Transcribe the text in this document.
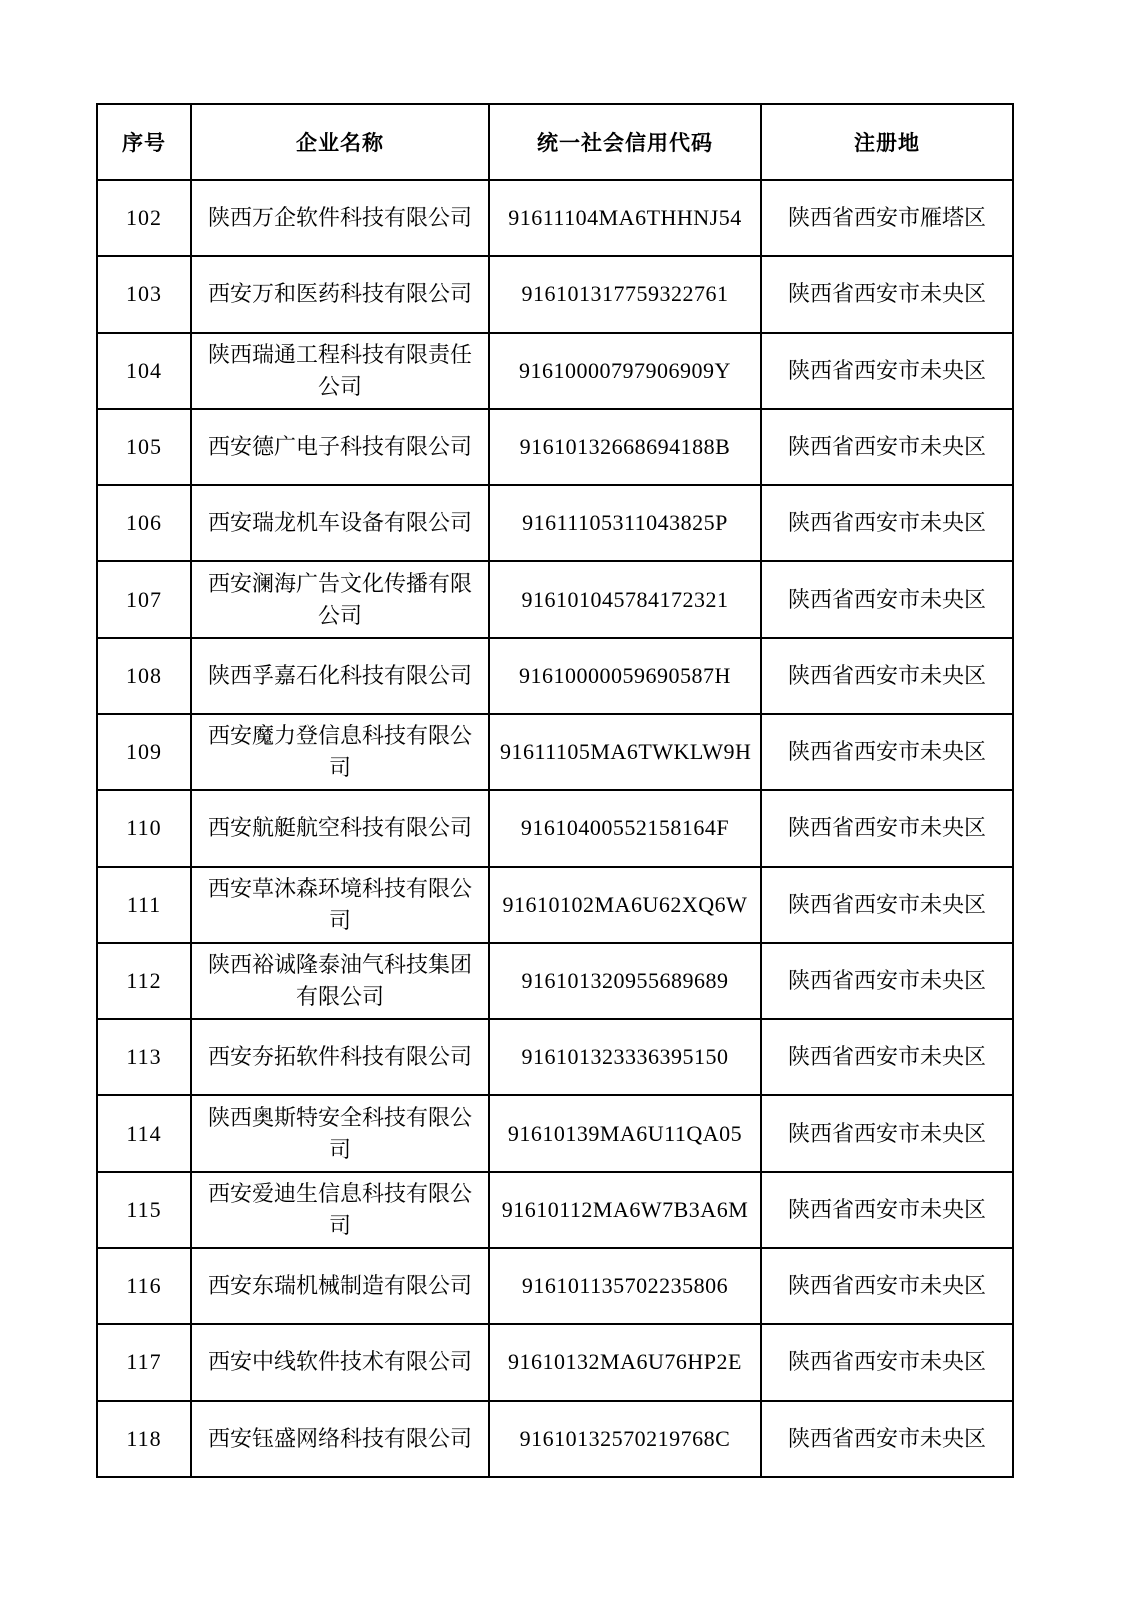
序号	企业名称	统一社会信用代码	注册地
102	陕西万企软件科技有限公司	91611104MA6THHNJ54	陕西省西安市雁塔区
103	西安万和医药科技有限公司	916101317759322761	陕西省西安市未央区
104	陕西瑞通工程科技有限责任公司	91610000797906909Y	陕西省西安市未央区
105	西安德广电子科技有限公司	91610132668694188B	陕西省西安市未央区
106	西安瑞龙机车设备有限公司	91611105311043825P	陕西省西安市未央区
107	西安澜海广告文化传播有限公司	916101045784172321	陕西省西安市未央区
108	陕西孚嘉石化科技有限公司	91610000059690587H	陕西省西安市未央区
109	西安魔力登信息科技有限公司	91611105MA6TWKLW9H	陕西省西安市未央区
110	西安航艇航空科技有限公司	91610400552158164F	陕西省西安市未央区
111	西安草沐森环境科技有限公司	91610102MA6U62XQ6W	陕西省西安市未央区
112	陕西裕诚隆泰油气科技集团有限公司	916101320955689689	陕西省西安市未央区
113	西安夯拓软件科技有限公司	916101323336395150	陕西省西安市未央区
114	陕西奥斯特安全科技有限公司	91610139MA6U11QA05	陕西省西安市未央区
115	西安爱迪生信息科技有限公司	91610112MA6W7B3A6M	陕西省西安市未央区
116	西安东瑞机械制造有限公司	916101135702235806	陕西省西安市未央区
117	西安中线软件技术有限公司	91610132MA6U76HP2E	陕西省西安市未央区
118	西安钰盛网络科技有限公司	91610132570219768C	陕西省西安市未央区
